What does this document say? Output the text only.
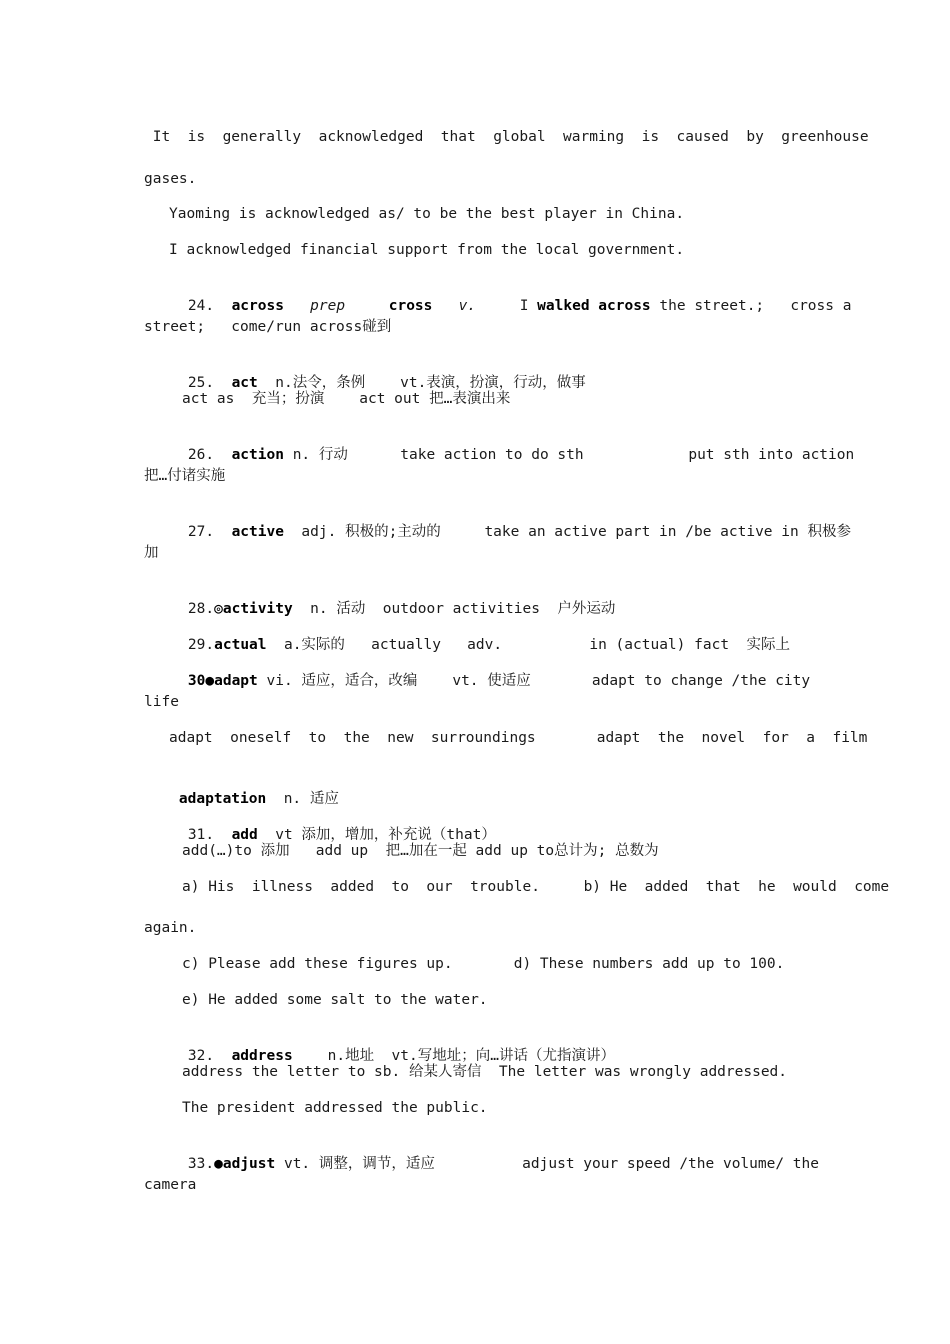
It  is  generally  acknowledged  that  global  warming  is  caused  by  greenhouse
gases.
Yaoming is acknowledged as/ to be the best player in China.
I acknowledged financial support from the local government.

24.  across   prep     cross   v.     I walked across the street.;   cross a

street;   come/run across碰到

25.  act  n.法令，条例    vt.表演，扮演，行动，做事

act as  充当；扮演    act out 把…表演出来

26.  action n. 行动      take action to do sth            put sth into action

把…付诸实施

27.  active  adj. 积极的;主动的     take an active part in /be active in 积极参

加

28.◎activity  n. 活动  outdoor activities  户外运动

29.actual  a.实际的   actually   adv.          in (actual) fact  实际上

30●adapt vi. 适应，适合，改编    vt. 使适应       adapt to change /the city

life
adapt  oneself  to  the  new  surroundings       adapt  the  novel  for  a  film

adaptation  n. 适应

31.  add  vt 添加，增加，补充说（that）

add(…)to 添加   add up  把…加在一起 add up to总计为; 总数为
a) His  illness  added  to  our  trouble.     b) He  added  that  he  would  come
again.
c) Please add these figures up.       d) These numbers add up to 100.
e) He added some salt to the water.

32.  address    n.地址  vt.写地址；向…讲话（尤指演讲）

address the letter to sb. 给某人寄信  The letter was wrongly addressed.
The president addressed the public.

33.●adjust vt. 调整，调节，适应          adjust your speed /the volume/ the

camera
